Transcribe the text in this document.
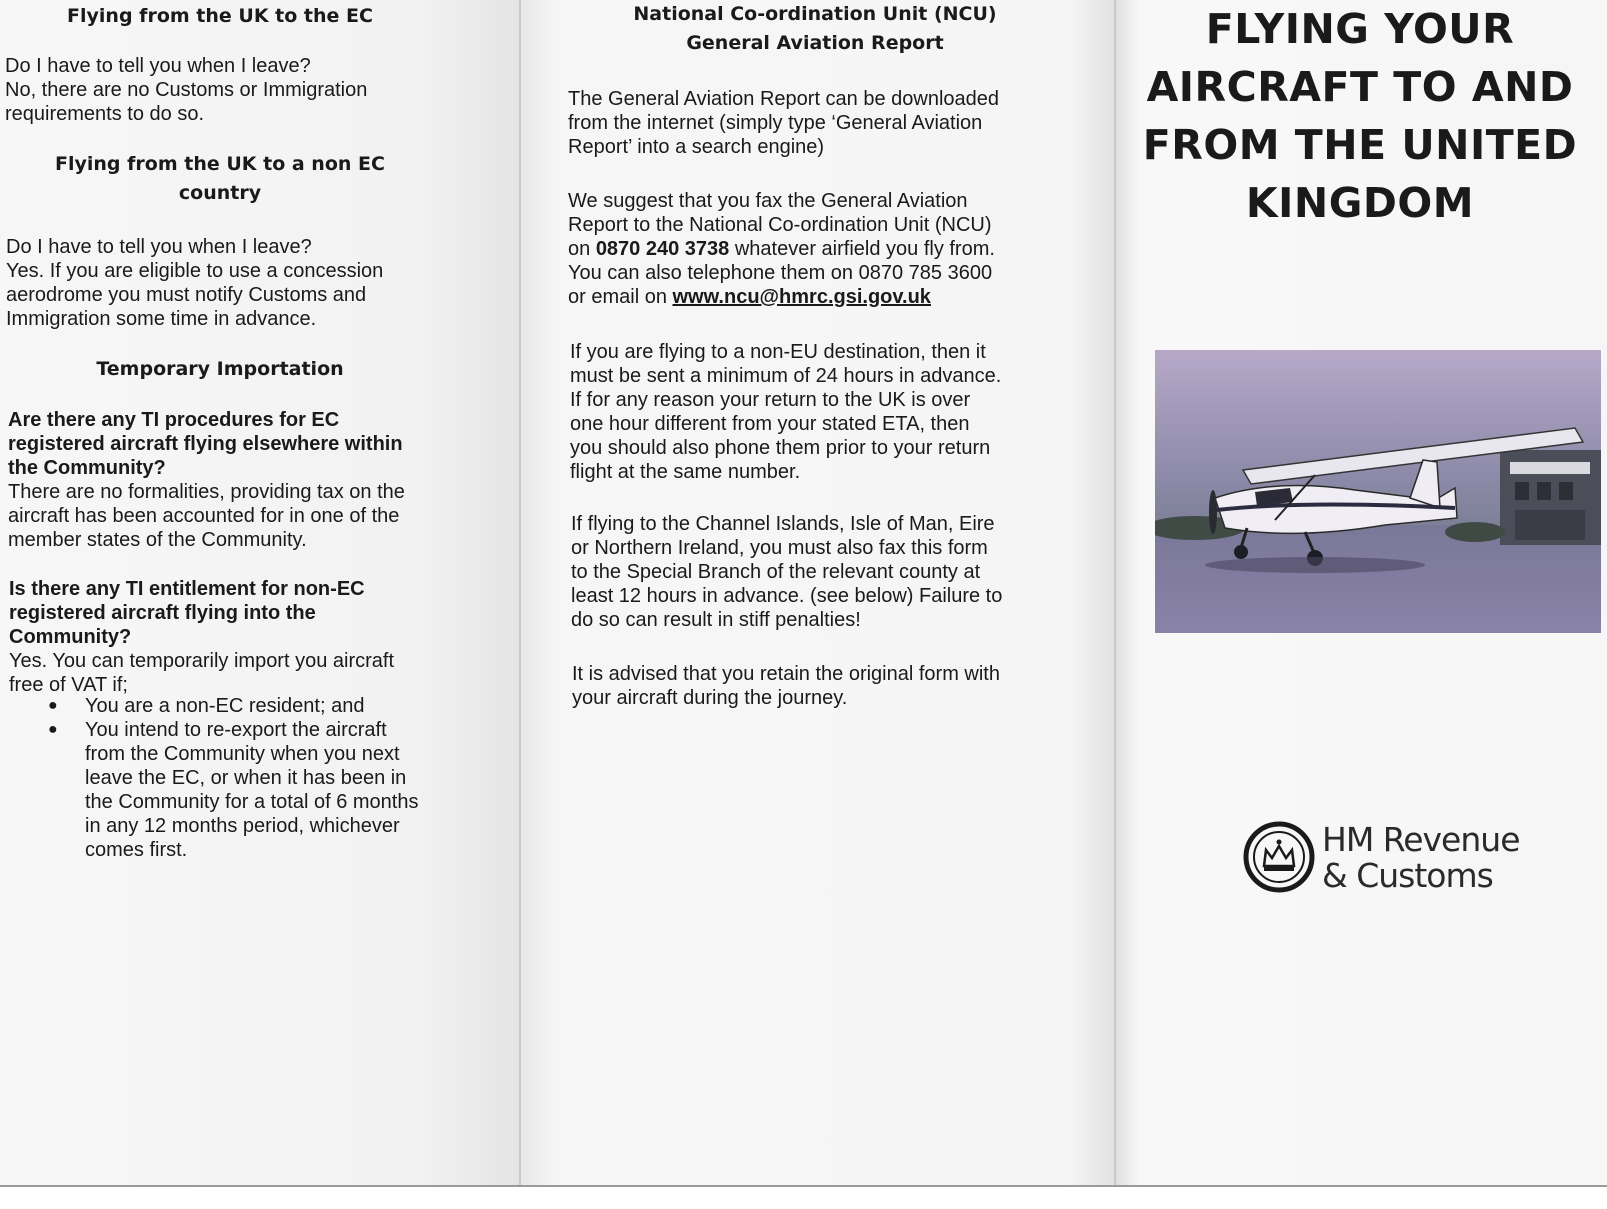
Flying from the UK to the EC

Do I have to tell you when I leave?
No, there are no Customs or Immigration
requirements to do so.

Flying from the UK to a non EC
country

Do I have to tell you when I leave?
Yes. If you are eligible to use a concession
aerodrome you must notify Customs and
Immigration some time in advance.

Temporary Importation

Are there any TI procedures for EC
registered aircraft flying elsewhere within
the Community?

There are no formalities, providing tax on the
aircraft has been accounted for in one of the
member states of the Community.

Is there any TI entitlement for non-EC
registered aircraft flying into the
Community?

Yes. You can temporarily import you aircraft
free of VAT if;

● You are a non-EC resident; and
● You intend to re-export the aircraft
from the Community when you next
leave the EC, or when it has been in
the Community for a total of 6 months
in any 12 months period, whichever
comes first.

National Co-ordination Unit (NCU)
General Aviation Report

The General Aviation Report can be downloaded
from the internet (simply type ‘General Aviation
Report’ into a search engine)

We suggest that you fax the General Aviation
Report to the National Co-ordination Unit (NCU)
on 0870 240 3738 whatever airfield you fly from.
You can also telephone them on 0870 785 3600
or email on www.ncu@hmrc.gsi.gov.uk

If you are flying to a non-EU destination, then it
must be sent a minimum of 24 hours in advance.
If for any reason your return to the UK is over
one hour different from your stated ETA, then
you should also phone them prior to your return
flight at the same number.

If flying to the Channel Islands, Isle of Man, Eire
or Northern Ireland, you must also fax this form
to the Special Branch of the relevant county at
least 12 hours in advance. (see below) Failure to
do so can result in stiff penalties!

It is advised that you retain the original form with
your aircraft during the journey.

FLYING YOUR
AIRCRAFT TO AND
FROM THE UNITED
KINGDOM

HM Revenue
& Customs
